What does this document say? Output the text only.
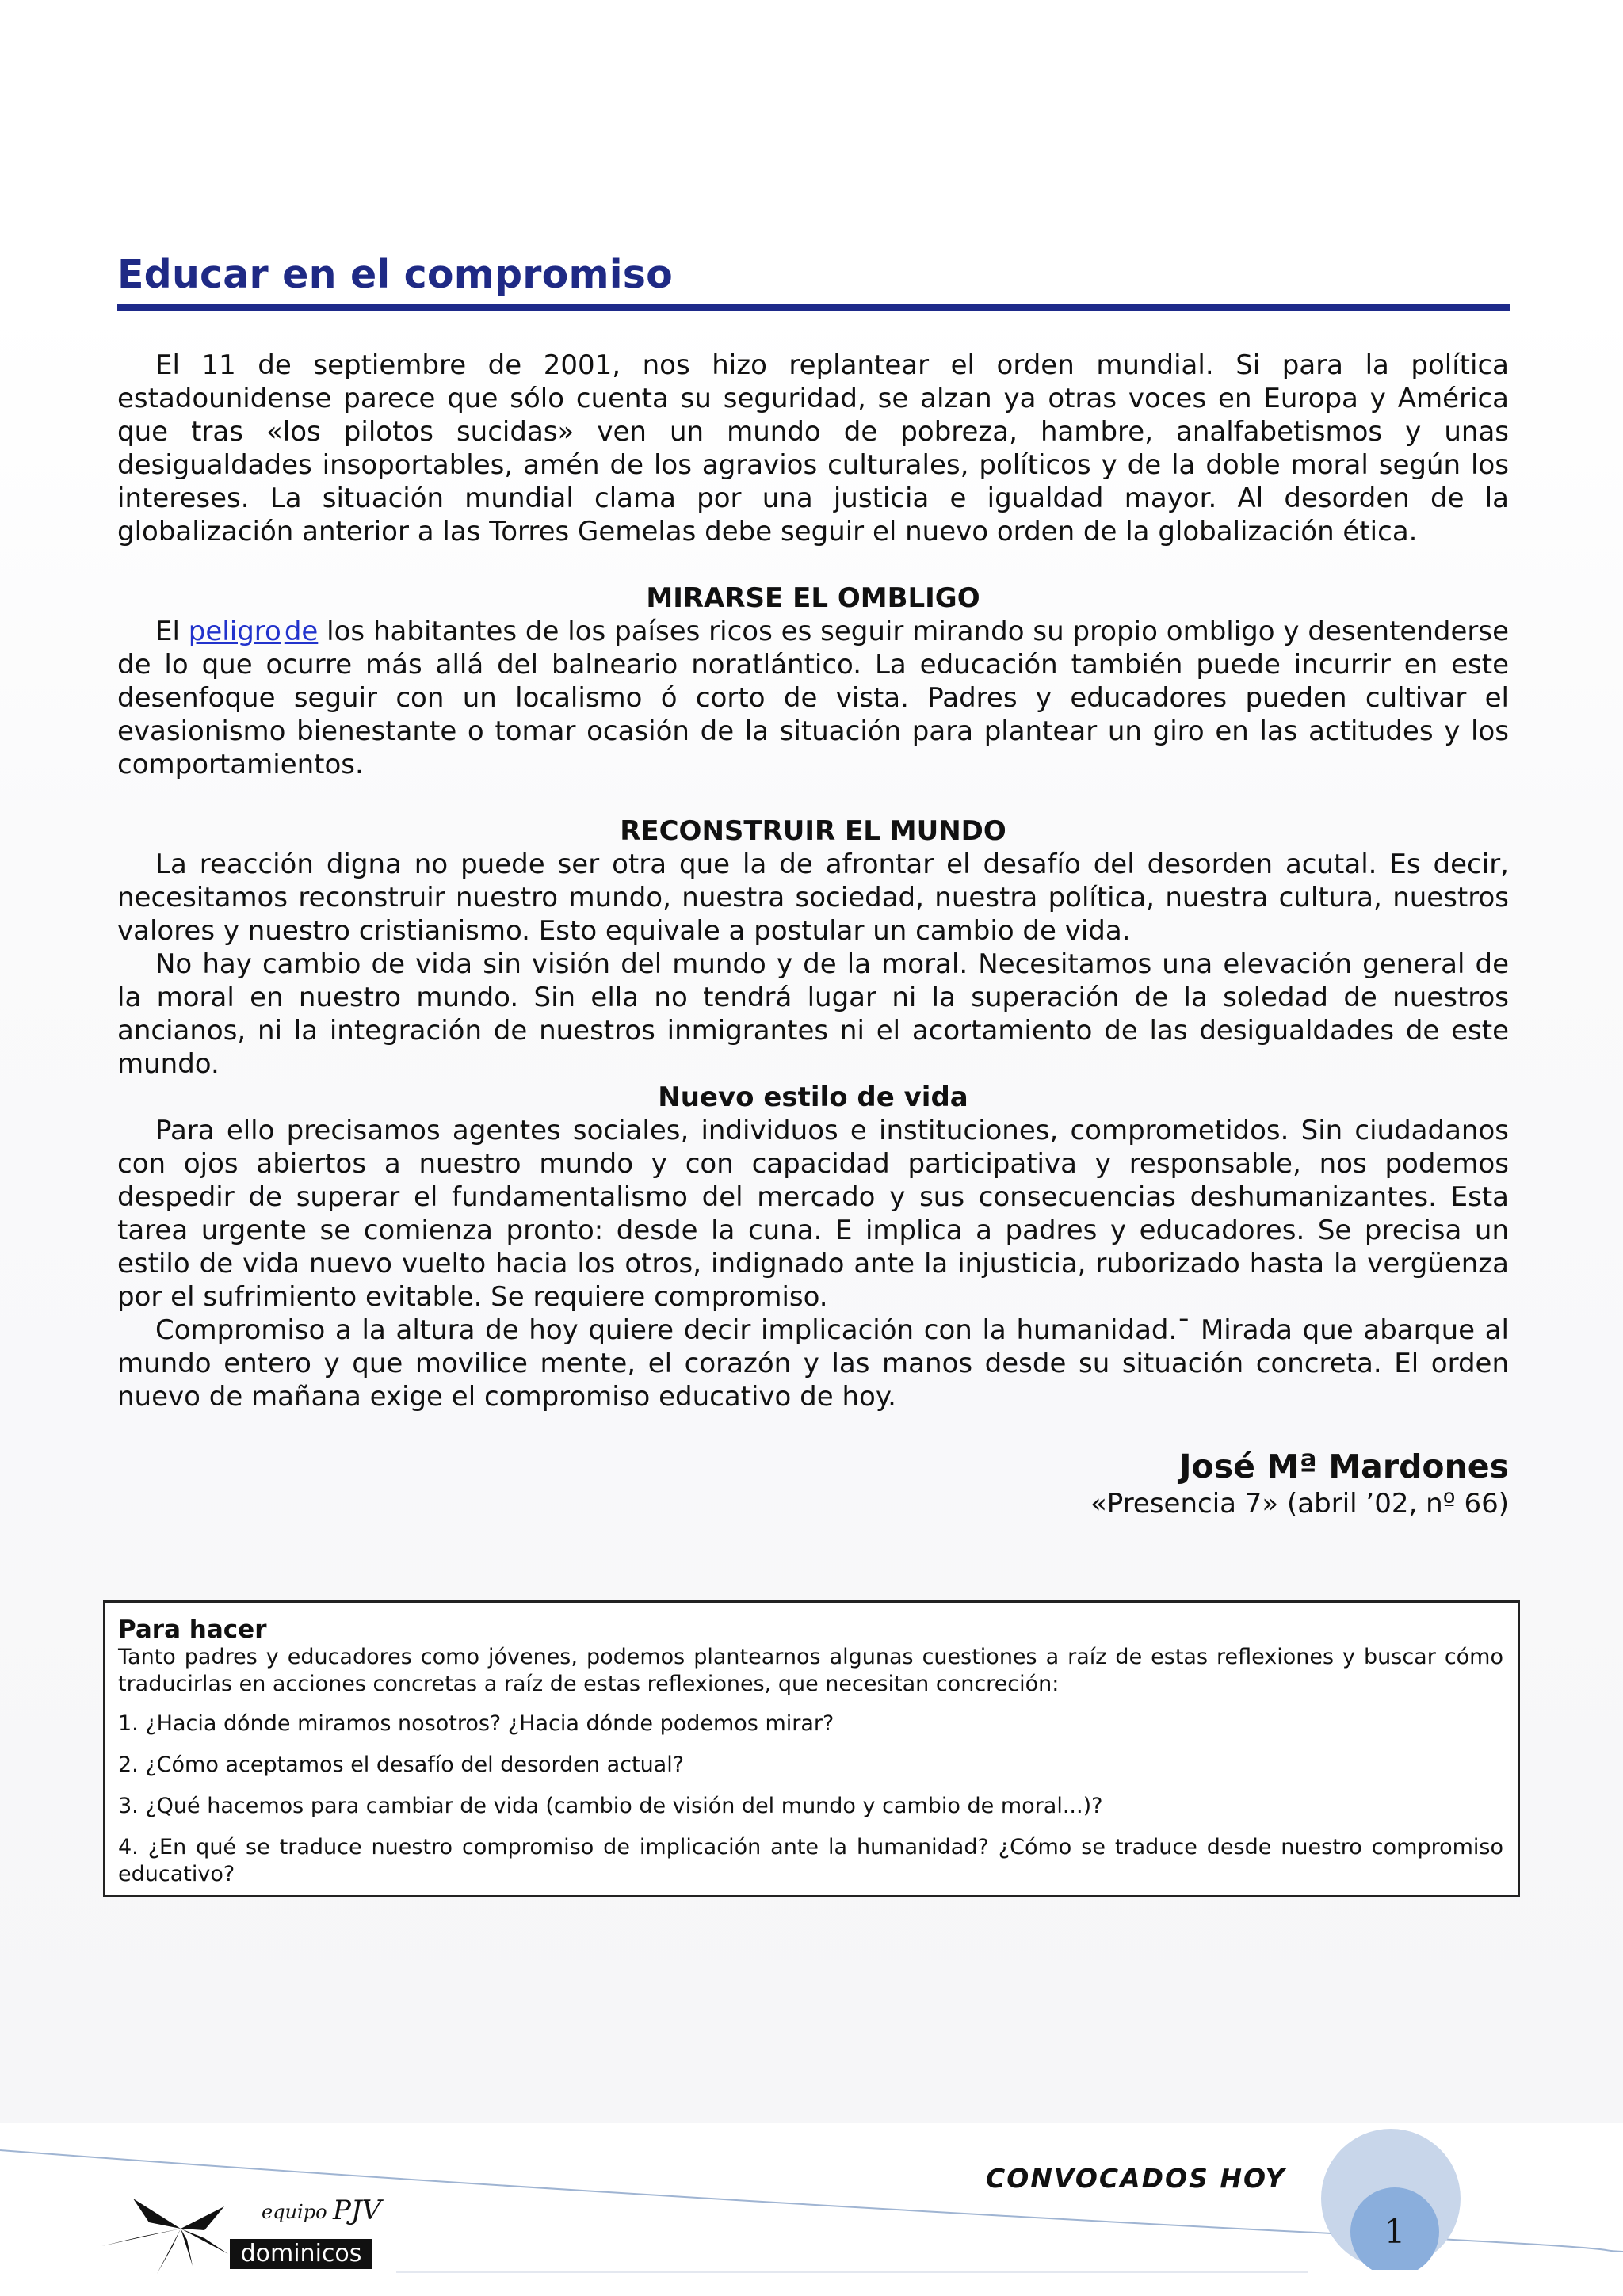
Educar en el compromiso

El 11 de septiembre de 2001, nos hizo replantear el orden mundial. Si para la política estadounidense parece que sólo cuenta su seguridad, se alzan ya otras voces en Europa y América que tras «los pilotos sucidas» ven un mundo de pobreza, hambre, analfabetismos y unas desigualdades insoportables, amén de los agravios culturales, políticos y de la doble moral según los intereses. La situación mundial clama por una justicia e igualdad mayor. Al desorden de la globalización anterior a las Torres Gemelas debe seguir el nuevo orden de la globalización ética.

MIRARSE EL OMBLIGO

El peligro de los habitantes de los países ricos es seguir mirando su propio ombligo y desentenderse de lo que ocurre más allá del balneario noratlántico. La educación también puede incurrir en este desenfoque seguir con un localismo ó corto de vista. Padres y educadores pueden cultivar el evasionismo bienestante o tomar ocasión de la situación para plantear un giro en las actitudes y los comportamientos.

RECONSTRUIR EL MUNDO

La reacción digna no puede ser otra que la de afrontar el desafío del desorden acutal. Es decir, necesitamos reconstruir nuestro mundo, nuestra sociedad, nuestra política, nuestra cultura, nuestros valores y nuestro cristianismo. Esto equivale a postular un cambio de vida.

No hay cambio de vida sin visión del mundo y de la moral. Necesitamos una elevación general de la moral en nuestro mundo. Sin ella no tendrá lugar ni la superación de la soledad de nuestros ancianos, ni la integración de nuestros inmigrantes ni el acortamiento de las desigualdades de este mundo.

Nuevo estilo de vida

Para ello precisamos agentes sociales, individuos e instituciones, comprometidos. Sin ciudadanos con ojos abiertos a nuestro mundo y con capacidad participativa y responsable, nos podemos despedir de superar el fundamentalismo del mercado y sus consecuencias deshumanizantes. Esta tarea urgente se comienza pronto: desde la cuna. E implica a padres y educadores. Se precisa un estilo de vida nuevo vuelto hacia los otros, indignado ante la injusticia, ruborizado hasta la vergüenza por el sufrimiento evitable. Se requiere compromiso.

Compromiso a la altura de hoy quiere decir implicación con la humanidad.¯ Mirada que abarque al mundo entero y que movilice mente, el corazón y las manos desde su situación concreta. El orden nuevo de mañana exige el compromiso educativo de hoy.

José Mª Mardones
«Presencia 7» (abril ’02, nº 66)

Para hacer

Tanto padres y educadores como jóvenes, podemos plantearnos algunas cuestiones a raíz de estas reflexiones y buscar cómo traducirlas en acciones concretas a raíz de estas reflexiones, que necesitan concreción:

1. ¿Hacia dónde miramos nosotros? ¿Hacia dónde podemos mirar?

2. ¿Cómo aceptamos el desafío del desorden actual?

3. ¿Qué hacemos para cambiar de vida (cambio de visión del mundo y cambio de moral...)?

4. ¿En qué se traduce nuestro compromiso de implicación ante la humanidad? ¿Cómo se traduce desde nuestro compromiso educativo?

CONVOCADOS HOY
1
equipo PJV
dominicos
